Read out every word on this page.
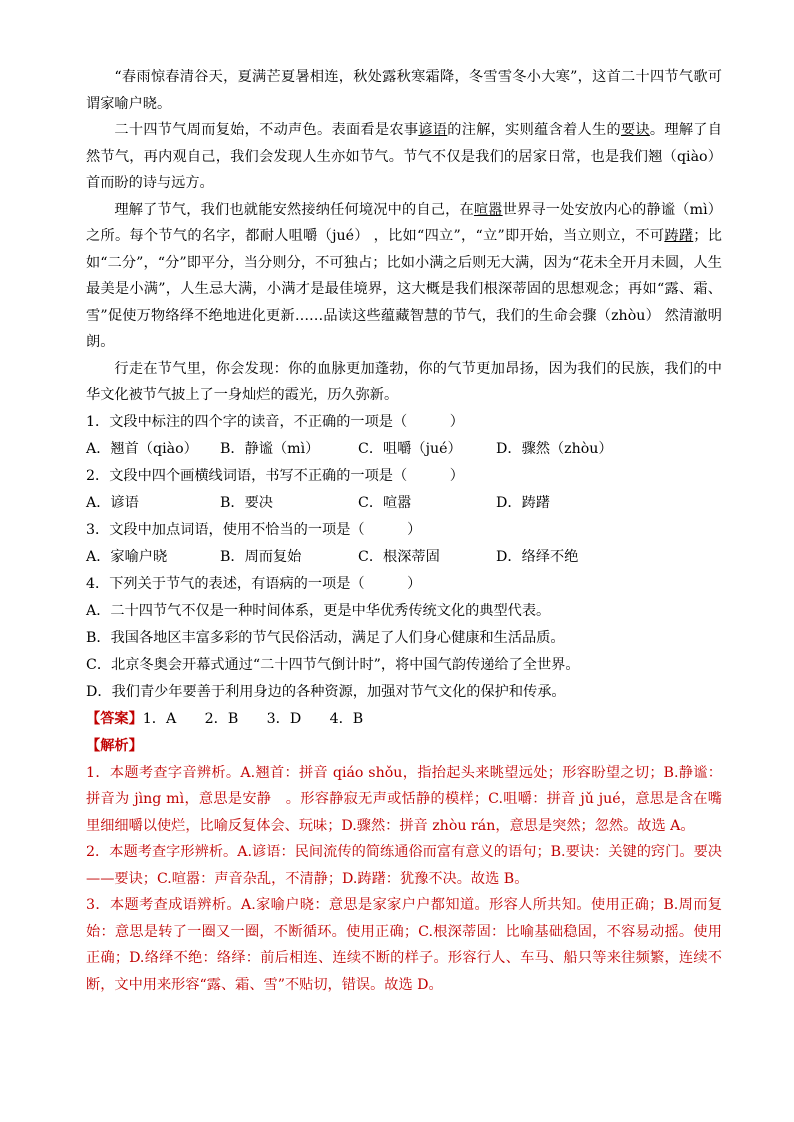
“春雨惊春清谷天，夏满芒夏暑相连，秋处露秋寒霜降，冬雪雪冬小大寒”，这首二十四节气歌可谓家喻户晓。

二十四节气周而复始，不动声色。表面看是农事谚语的注解，实则蕴含着人生的要诀。理解了自然节气，再内观自己，我们会发现人生亦如节气。节气不仅是我们的居家日常，也是我们翘（qiào） 首而盼的诗与远方。

理解了节气，我们也就能安然接纳任何境况中的自己，在喧嚣世界寻一处安放内心的静谧（mì） 之所。每个节气的名字，都耐人咀嚼（jué） ，比如“四立”，“立”即开始，当立则立，不可踌躇；比如“二分”，“分”即平分，当分则分，不可独占；比如小满之后则无大满，因为“花未全开月未圆，人生最美是小满”，人生忌大满，小满才是最佳境界，这大概是我们根深蒂固的思想观念；再如“露、霜、雪”促使万物络绎不绝地进化更新……品读这些蕴藏智慧的节气，我们的生命会骤（zhòu） 然清澈明朗。

行走在节气里，你会发现：你的血脉更加蓬勃，你的气节更加昂扬，因为我们的民族，我们的中华文化被节气披上了一身灿烂的霞光，历久弥新。

1．文段中标注的四个字的读音，不正确的一项是（　　　）

A．翘首（qiào）	B．静谧（mì）	C．咀嚼（jué）	D．骤然（zhòu）

2．文段中四个画横线词语，书写不正确的一项是（　　　）

A．谚语	B．要决	C．喧嚣	D．踌躇

3．文段中加点词语，使用不恰当的一项是（　　　）

A．家喻户晓	B．周而复始	C．根深蒂固	D．络绎不绝

4．下列关于节气的表述，有语病的一项是（　　　）

A．二十四节气不仅是一种时间体系，更是中华优秀传统文化的典型代表。

B．我国各地区丰富多彩的节气民俗活动，满足了人们身心健康和生活品质。

C．北京冬奥会开幕式通过“二十四节气倒计时”，将中国气韵传递给了全世界。

D．我们青少年要善于利用身边的各种资源，加强对节气文化的保护和传承。

【答案】1．A　　2．B　　3．D　　4．B

【解析】

1．本题考查字音辨析。A.翘首：拼音 qiáo shǒu，指抬起头来眺望远处；形容盼望之切；B.静谧：拼音为 jìng mì，意思是安静　。形容静寂无声或恬静的模样；C.咀嚼：拼音 jǔ jué，意思是含在嘴里细细嚼以使烂，比喻反复体会、玩味；D.骤然：拼音 zhòu rán，意思是突然；忽然。故选 A。

2．本题考查字形辨析。A.谚语：民间流传的简练通俗而富有意义的语句；B.要诀：关键的窍门。要决——要诀；C.喧嚣：声音杂乱，不清静；D.踌躇：犹豫不决。故选 B。

3．本题考查成语辨析。A.家喻户晓：意思是家家户户都知道。形容人所共知。使用正确；B.周而复始：意思是转了一圈又一圈，不断循环。使用正确；C.根深蒂固：比喻基础稳固，不容易动摇。使用正确；D.络绎不绝：络绎：前后相连、连续不断的样子。形容行人、车马、船只等来往频繁，连续不断，文中用来形容“露、霜、雪”不贴切，错误。故选 D。
